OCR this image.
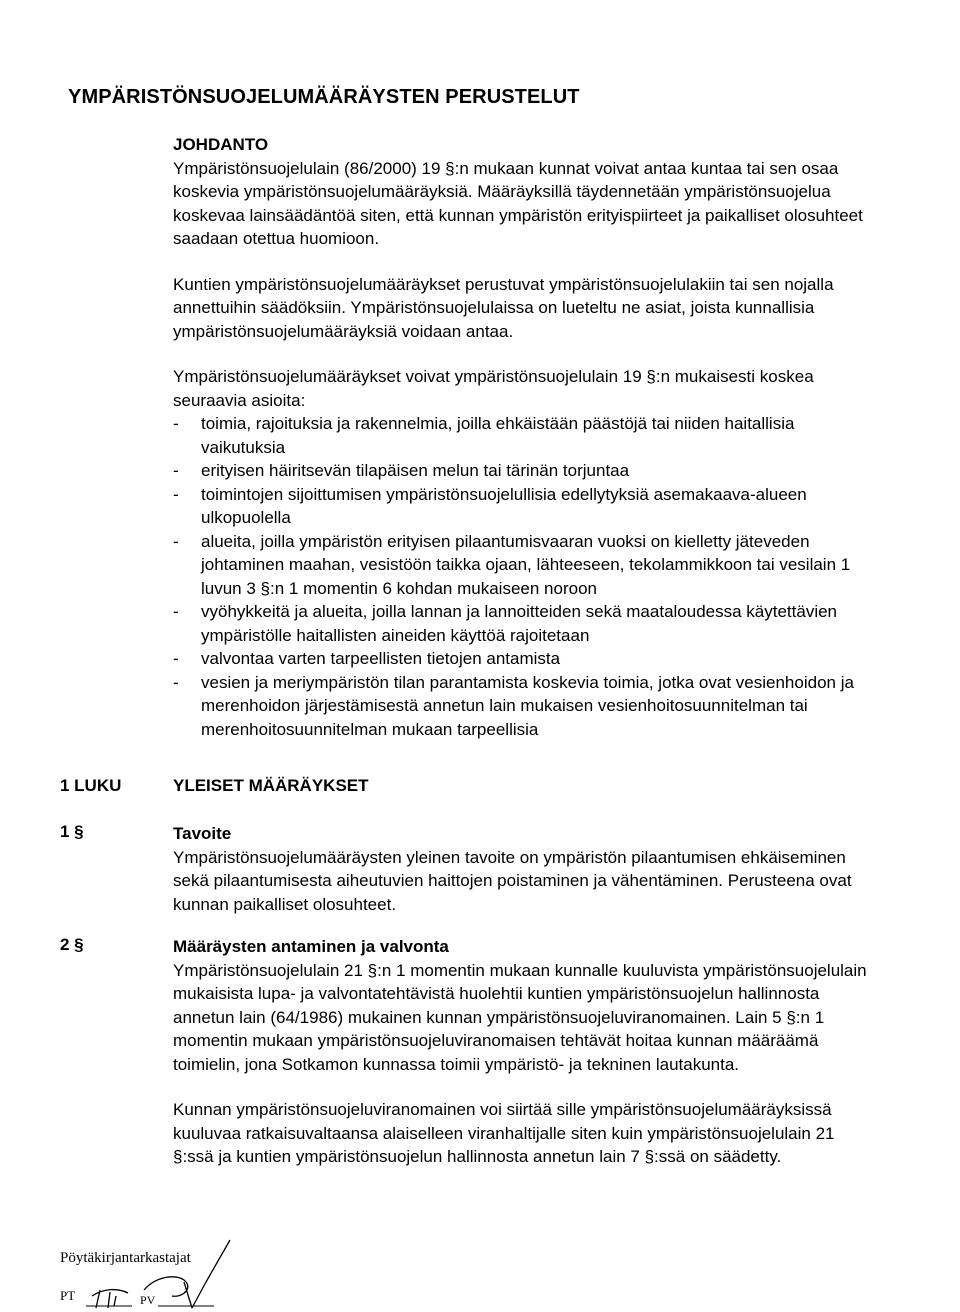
YMPÄRISTÖNSUOJELUMÄÄRÄYSTEN PERUSTELUT

JOHDANTO

Ympäristönsuojelulain (86/2000) 19 §:n mukaan kunnat voivat antaa kuntaa tai sen osaa koskevia ympäristönsuojelumääräyksiä. Määräyksillä täydennetään ympäristönsuojelua koskevaa lainsäädäntöä siten, että kunnan ympäristön erityispiirteet ja paikalliset olosuhteet saadaan otettua huomioon.

Kuntien ympäristönsuojelumääräykset perustuvat ympäristönsuojelulakiin tai sen nojalla annettuihin säädöksiin. Ympäristönsuojelulaissa on lueteltu ne asiat, joista kunnallisia ympäristönsuojelumääräyksiä voidaan antaa.

Ympäristönsuojelumääräykset voivat ympäristönsuojelulain 19 §:n mukaisesti koskea seuraavia asioita:

- toimia, rajoituksia ja rakennelmia, joilla ehkäistään päästöjä tai niiden haitallisia vaikutuksia
- erityisen häiritsevän tilapäisen melun tai tärinän torjuntaa
- toimintojen sijoittumisen ympäristönsuojelullisia edellytyksiä asemakaava-alueen ulkopuolella
- alueita, joilla ympäristön erityisen pilaantumisvaaran vuoksi on kielletty jäteveden johtaminen maahan, vesistöön taikka ojaan, lähteeseen, tekolammikkoon tai vesilain 1 luvun 3 §:n 1 momentin 6 kohdan mukaiseen noroon
- vyöhykkeitä ja alueita, joilla lannan ja lannoitteiden sekä maataloudessa käytettävien ympäristölle haitallisten aineiden käyttöä rajoitetaan
- valvontaa varten tarpeellisten tietojen antamista
- vesien ja meriympäristön tilan parantamista koskevia toimia, jotka ovat vesienhoidon ja merenhoidon järjestämisestä annetun lain mukaisen vesienhoitosuunnitelman tai merenhoitosuunnitelman mukaan tarpeellisia
1 LUKU	YLEISET MÄÄRÄYKSET
1 §	Tavoite

Ympäristönsuojelumääräysten yleinen tavoite on ympäristön pilaantumisen ehkäiseminen sekä pilaantumisesta aiheutuvien haittojen poistaminen ja vähentäminen. Perusteena ovat kunnan paikalliset olosuhteet.

2 §	Määräysten antaminen ja valvonta

Ympäristönsuojelulain 21 §:n 1 momentin mukaan kunnalle kuuluvista ympäristönsuojelulain mukaisista lupa- ja valvontatehtävistä huolehtii kuntien ympäristönsuojelun hallinnosta annetun lain (64/1986) mukainen kunnan ympäristönsuojeluviranomainen. Lain 5 §:n 1 momentin mukaan ympäristönsuojeluviranomaisen tehtävät hoitaa kunnan määräämä toimielin, jona Sotkamon kunnassa toimii ympäristö- ja tekninen lautakunta.

Kunnan ympäristönsuojeluviranomainen voi siirtää sille ympäristönsuojelumääräyksissä kuuluvaa ratkaisuvaltaansa alaiselleen viranhaltijalle siten kuin ympäristönsuojelulain 21 §:ssä ja kuntien ympäristönsuojelun hallinnosta annetun lain 7 §:ssä on säädetty.

Pöytäkirjantarkastajat
PT	PV
